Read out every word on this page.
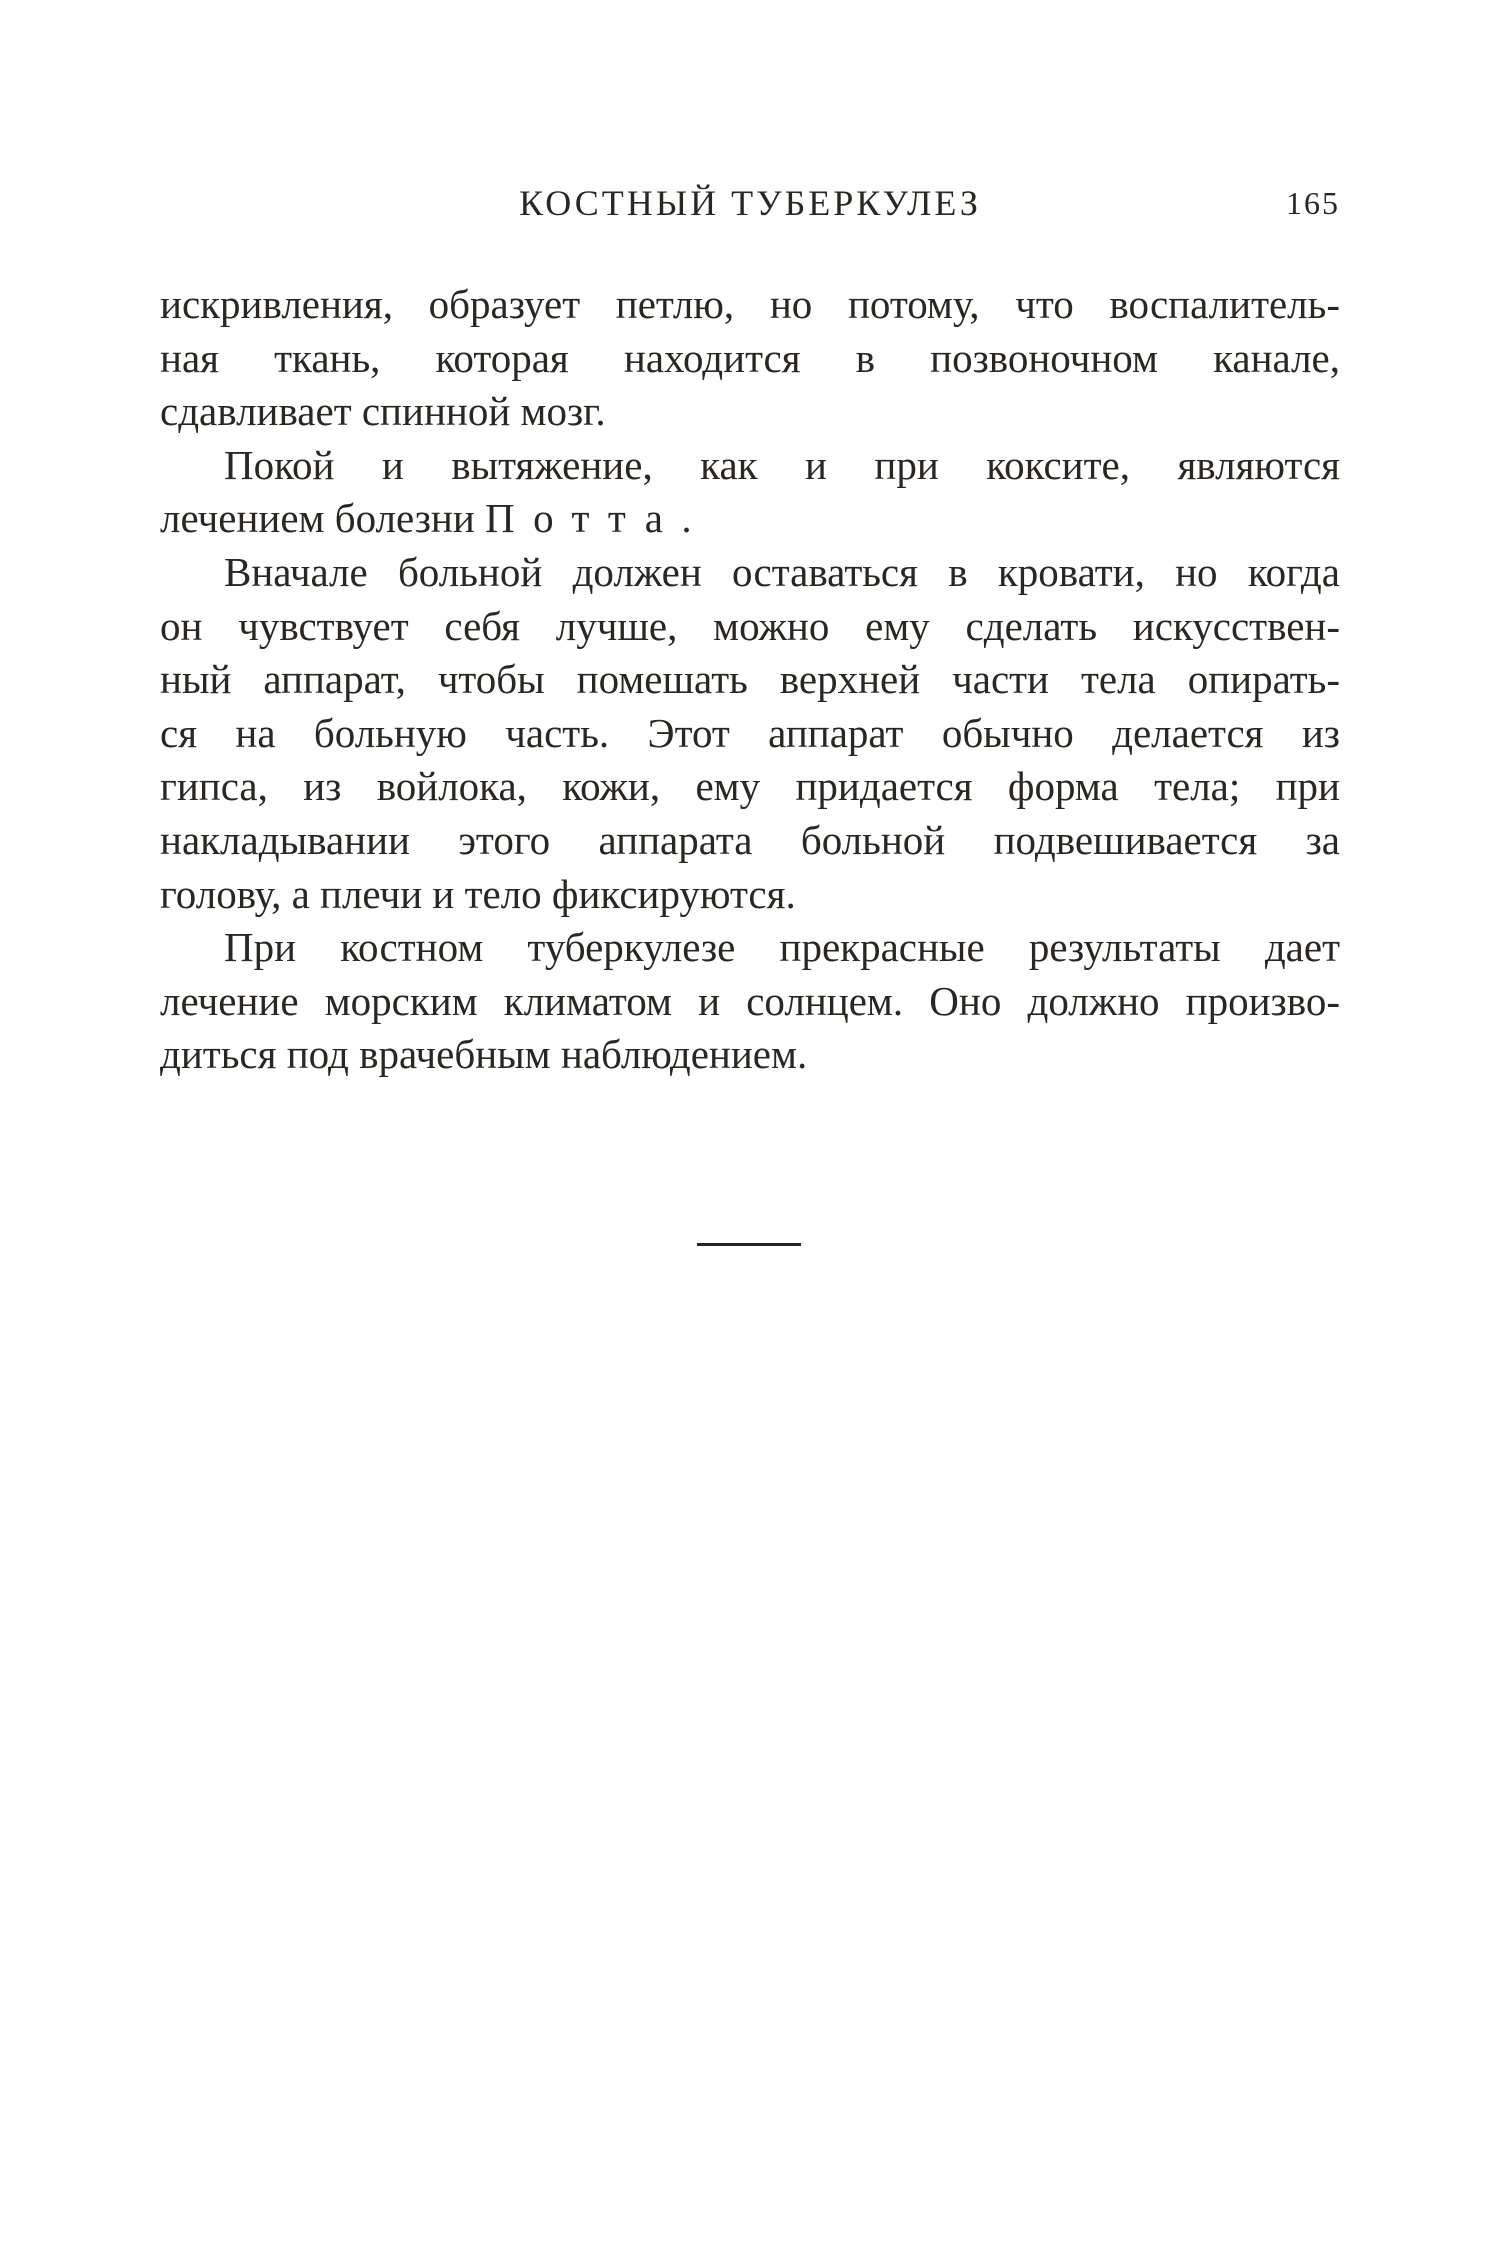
КОСТНЫЙ ТУБЕРКУЛЕЗ	165

искривления, образует петлю, но потому, что воспалитель-
ная ткань, которая находится в позвоночном канале,
сдавливает спинной мозг.

Покой и вытяжение, как и при коксите, являются
лечением болезни Потта.

Вначале больной должен оставаться в кровати, но когда
он чувствует себя лучше, можно ему сделать искусствен-
ный аппарат, чтобы помешать верхней части тела опирать-
ся на больную часть. Этот аппарат обычно делается из
гипса, из войлока, кожи, ему придается форма тела; при
накладывании этого аппарата больной подвешивается за
голову, а плечи и тело фиксируются.

При костном туберкулезе прекрасные результаты дает
лечение морским климатом и солнцем. Оно должно произво-
диться под врачебным наблюдением.
